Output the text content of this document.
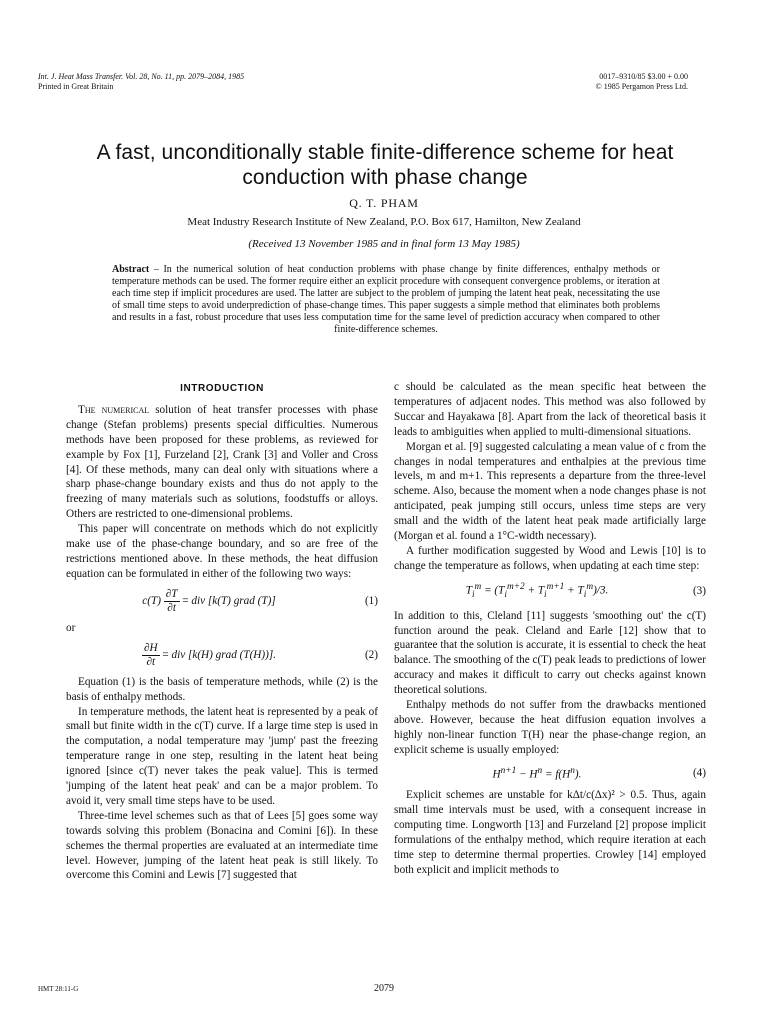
Int. J. Heat Mass Transfer. Vol. 28, No. 11, pp. 2079–2084, 1985
Printed in Great Britain
0017–9310/85 $3.00 + 0.00
© 1985 Pergamon Press Ltd.
A fast, unconditionally stable finite-difference scheme for heat conduction with phase change
Q. T. PHAM
Meat Industry Research Institute of New Zealand, P.O. Box 617, Hamilton, New Zealand
(Received 13 November 1985 and in final form 13 May 1985)
Abstract – In the numerical solution of heat conduction problems with phase change by finite differences, enthalpy methods or temperature methods can be used. The former require either an explicit procedure with consequent convergence problems, or iteration at each time step if implicit procedures are used. The latter are subject to the problem of jumping the latent heat peak, necessitating the use of small time steps to avoid underprediction of phase-change times. This paper suggests a simple method that eliminates both problems and results in a fast, robust procedure that uses less computation time for the same level of prediction accuracy when compared to other finite-difference schemes.
INTRODUCTION

The numerical solution of heat transfer processes with phase change (Stefan problems) presents special difficulties. Numerous methods have been proposed for these problems, as reviewed for example by Fox [1], Furzeland [2], Crank [3] and Voller and Cross [4]. Of these methods, many can deal only with situations where a sharp phase-change boundary exists and thus do not apply to the freezing of many materials such as solutions, foodstuffs or alloys. Others are restricted to one-dimensional problems.

This paper will concentrate on methods which do not explicitly make use of the phase-change boundary, and so are free of the restrictions mentioned above. In these methods, the heat diffusion equation can be formulated in either of the following two ways:

$c(T) \frac{\partial T}{\partial t}$ = div [k(T) grad (T)]	(1)
or
$\frac{\partial H}{\partial t}$ = div [k(H) grad (T(H))].	(2)

Equation (1) is the basis of temperature methods, while (2) is the basis of enthalpy methods.

In temperature methods, the latent heat is represented by a peak of small but finite width in the c(T) curve. If a large time step is used in the computation, a nodal temperature may 'jump' past the freezing temperature range in one step, resulting in the latent heat being ignored [since c(T) never takes the peak value]. This is termed 'jumping of the latent heat peak' and can be a major problem. To avoid it, very small time steps have to be used.

Three-time level schemes such as that of Lees [5] goes some way towards solving this problem (Bonacina and Comini [6]). In these schemes the thermal properties are evaluated at an intermediate time level. However, jumping of the latent heat peak is still likely. To overcome this Comini and Lewis [7] suggested that

c should be calculated as the mean specific heat between the temperatures of adjacent nodes. This method was also followed by Succar and Hayakawa [8]. Apart from the lack of theoretical basis it leads to ambiguities when applied to multi-dimensional situations.

Morgan et al. [9] suggested calculating a mean value of c from the changes in nodal temperatures and enthalpies at the previous time levels, m and m+1. This represents a departure from the three-level scheme. Also, because the moment when a node changes phase is not anticipated, peak jumping still occurs, unless time steps are very small and the width of the latent heat peak made artificially large (Morgan et al. found a 1°C-width necessary).

A further modification suggested by Wood and Lewis [10] is to change the temperature as follows, when updating at each time step:

$T_i^m = (T_i^{m+2} + T_i^{m+1} + T_i^m)/3$.	(3)

In addition to this, Cleland [11] suggests 'smoothing out' the c(T) function around the peak. Cleland and Earle [12] show that to guarantee that the solution is accurate, it is essential to check the heat balance. The smoothing of the c(T) peak leads to predictions of lower accuracy and makes it difficult to carry out checks against known theoretical solutions.

Enthalpy methods do not suffer from the drawbacks mentioned above. However, because the heat diffusion equation involves a highly non-linear function T(H) near the phase-change region, an explicit scheme is usually employed:

$H^{n+1} - H^n = f(H^n)$.	(4)

Explicit schemes are unstable for kΔt/c(Δx)² > 0.5. Thus, again small time intervals must be used, with a consequent increase in computing time. Longworth [13] and Furzeland [2] propose implicit formulations of the enthalpy method, which require iteration at each time step to determine thermal properties. Crowley [14] employed both explicit and implicit methods to

HMT 28:11-G	2079
